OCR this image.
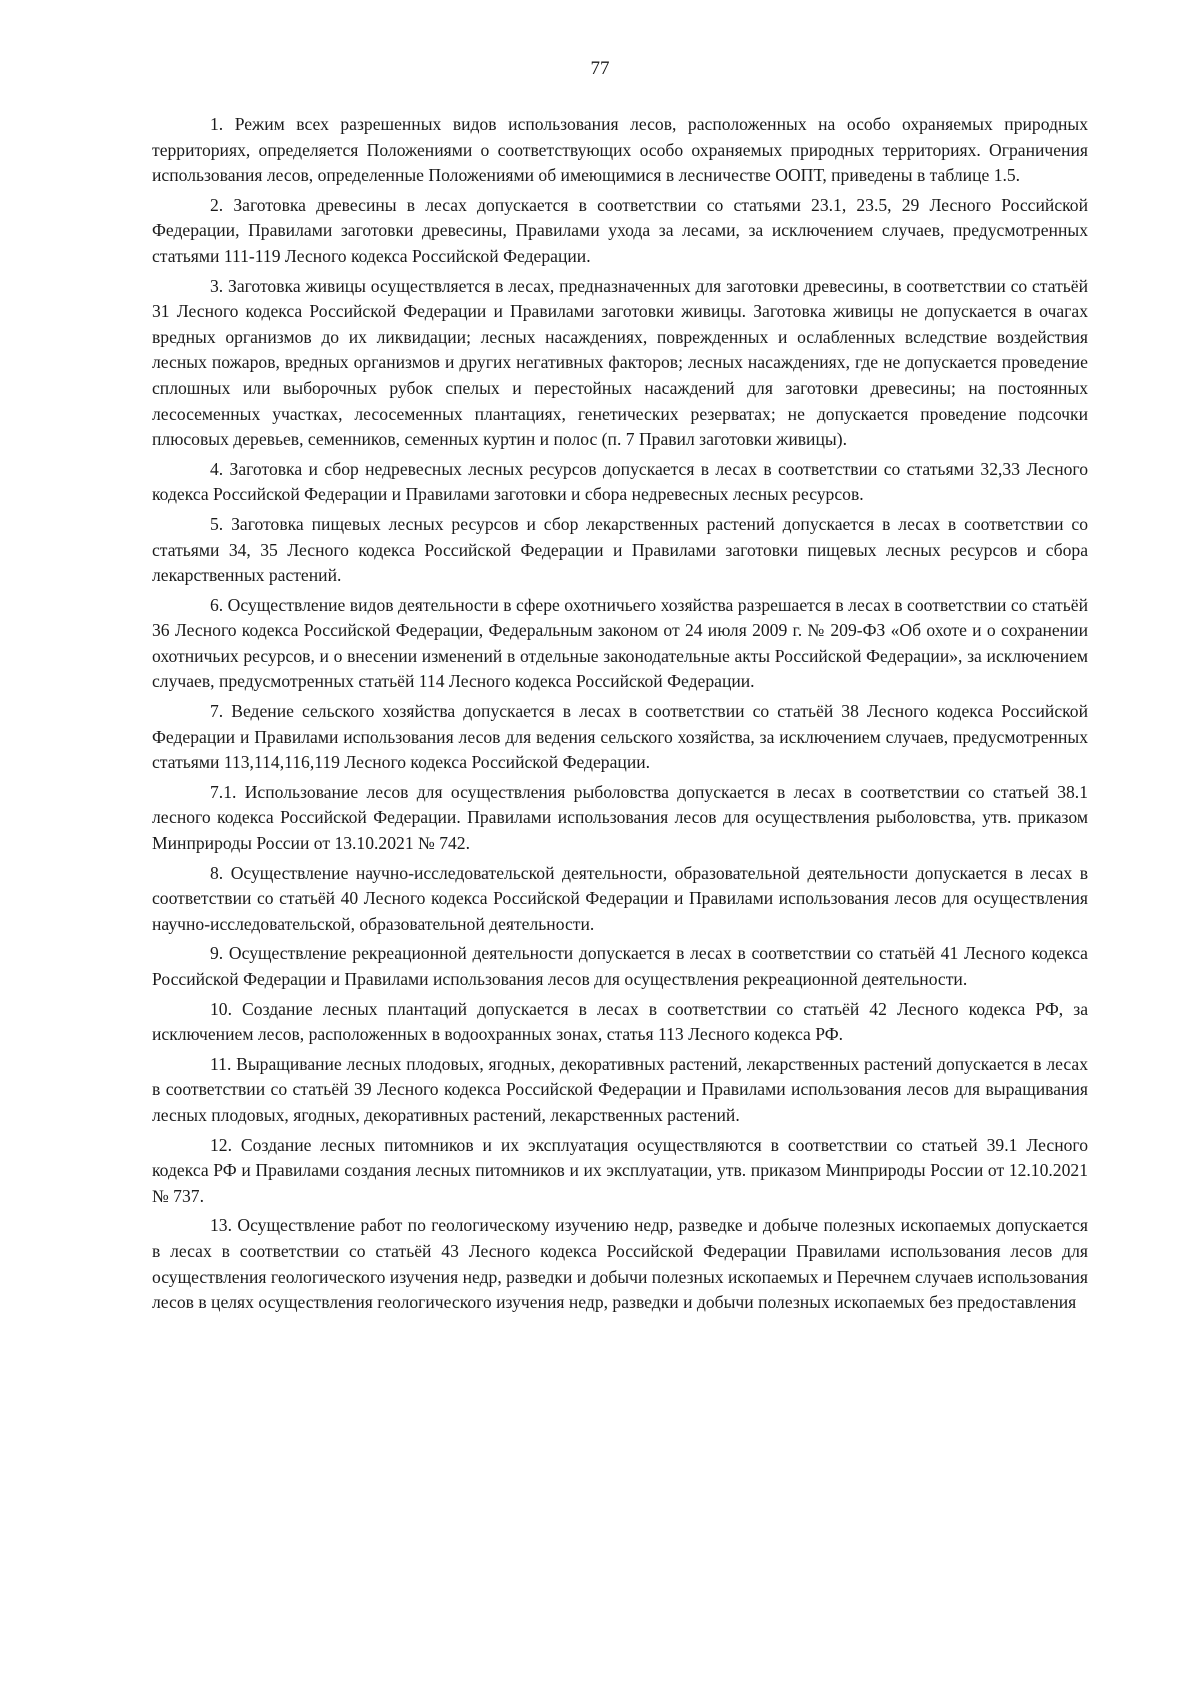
77

1. Режим всех разрешенных видов использования лесов, расположенных на особо охраняемых природных территориях, определяется Положениями о соответствующих особо охраняемых природных территориях. Ограничения использования лесов, определенные Положениями об имеющимися в лесничестве ООПТ, приведены в таблице 1.5.

2. Заготовка древесины в лесах допускается в соответствии со статьями 23.1, 23.5, 29 Лесного Российской Федерации, Правилами заготовки древесины, Правилами ухода за лесами, за исключением случаев, предусмотренных статьями 111-119 Лесного кодекса Российской Федерации.

3. Заготовка живицы осуществляется в лесах, предназначенных для заготовки древесины, в соответствии со статьёй 31 Лесного кодекса Российской Федерации и Правилами заготовки живицы. Заготовка живицы не допускается в очагах вредных организмов до их ликвидации; лесных насаждениях, поврежденных и ослабленных вследствие воздействия лесных пожаров, вредных организмов и других негативных факторов; лесных насаждениях, где не допускается проведение сплошных или выборочных рубок спелых и перестойных насаждений для заготовки древесины; на постоянных лесосеменных участках, лесосеменных плантациях, генетических резерватах; не допускается проведение подсочки плюсовых деревьев, семенников, семенных куртин и полос (п. 7 Правил заготовки живицы).

4. Заготовка и сбор недревесных лесных ресурсов допускается в лесах в соответствии со статьями 32,33 Лесного кодекса Российской Федерации и Правилами заготовки и сбора недревесных лесных ресурсов.

5. Заготовка пищевых лесных ресурсов и сбор лекарственных растений допускается в лесах в соответствии со статьями 34, 35 Лесного кодекса Российской Федерации и Правилами заготовки пищевых лесных ресурсов и сбора лекарственных растений.

6. Осуществление видов деятельности в сфере охотничьего хозяйства разрешается в лесах в соответствии со статьёй 36 Лесного кодекса Российской Федерации, Федеральным законом от 24 июля 2009 г. № 209-ФЗ «Об охоте и о сохранении охотничьих ресурсов, и о внесении изменений в отдельные законодательные акты Российской Федерации», за исключением случаев, предусмотренных статьёй 114 Лесного кодекса Российской Федерации.

7. Ведение сельского хозяйства допускается в лесах в соответствии со статьёй 38 Лесного кодекса Российской Федерации и Правилами использования лесов для ведения сельского хозяйства, за исключением случаев, предусмотренных статьями 113,114,116,119 Лесного кодекса Российской Федерации.

7.1. Использование лесов для осуществления рыболовства допускается в лесах в соответствии со статьей 38.1 лесного кодекса Российской Федерации. Правилами использования лесов для осуществления рыболовства, утв. приказом Минприроды России от 13.10.2021 № 742.

8. Осуществление научно-исследовательской деятельности, образовательной деятельности допускается в лесах в соответствии со статьёй 40 Лесного кодекса Российской Федерации и Правилами использования лесов для осуществления научно-исследовательской, образовательной деятельности.

9. Осуществление рекреационной деятельности допускается в лесах в соответствии со статьёй 41 Лесного кодекса Российской Федерации и Правилами использования лесов для осуществления рекреационной деятельности.

10. Создание лесных плантаций допускается в лесах в соответствии со статьёй 42 Лесного кодекса РФ, за исключением лесов, расположенных в водоохранных зонах, статья 113 Лесного кодекса РФ.

11. Выращивание лесных плодовых, ягодных, декоративных растений, лекарственных растений допускается в лесах в соответствии со статьёй 39 Лесного кодекса Российской Федерации и Правилами использования лесов для выращивания лесных плодовых, ягодных, декоративных растений, лекарственных растений.

12. Создание лесных питомников и их эксплуатация осуществляются в соответствии со статьей 39.1 Лесного кодекса РФ и Правилами создания лесных питомников и их эксплуатации, утв. приказом Минприроды России от 12.10.2021 № 737.

13. Осуществление работ по геологическому изучению недр, разведке и добыче полезных ископаемых допускается в лесах в соответствии со статьёй 43 Лесного кодекса Российской Федерации Правилами использования лесов для осуществления геологического изучения недр, разведки и добычи полезных ископаемых и Перечнем случаев использования лесов в целях осуществления геологического изучения недр, разведки и добычи полезных ископаемых без предоставления
